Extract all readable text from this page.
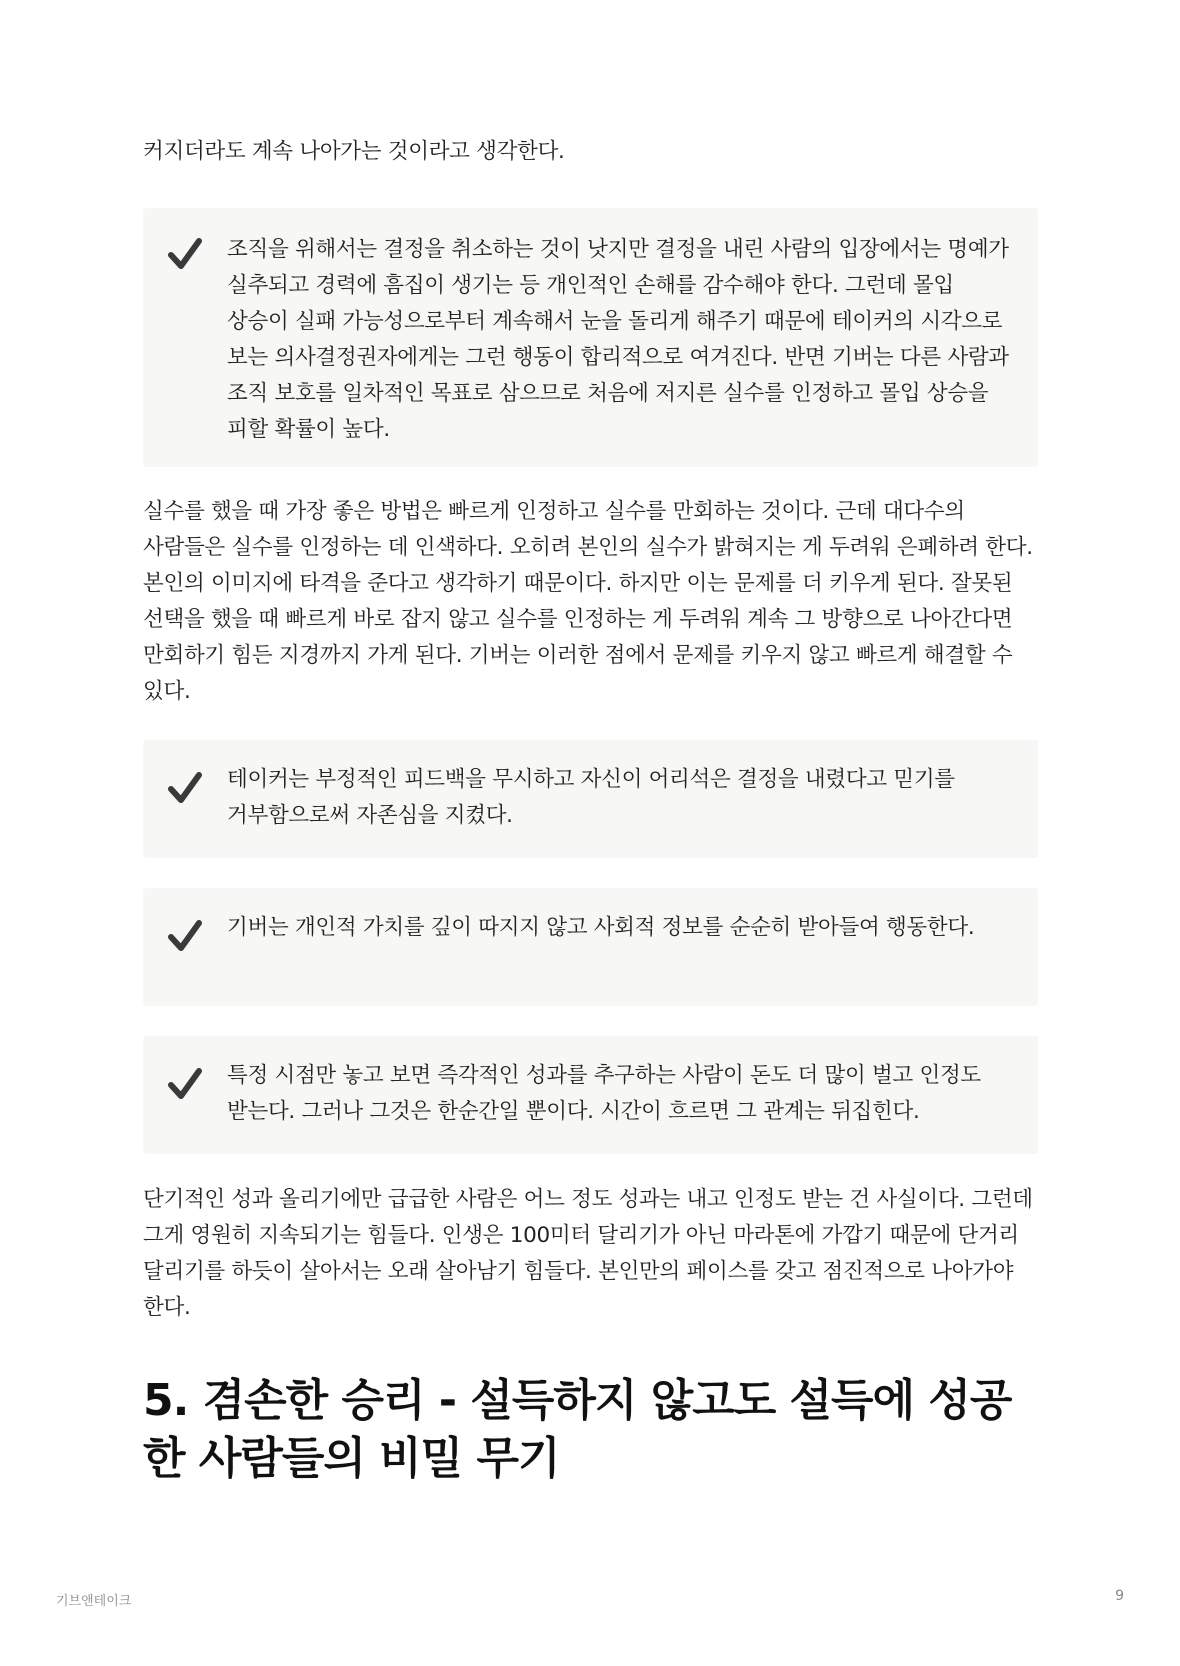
커지더라도 계속 나아가는 것이라고 생각한다.

조직을 위해서는 결정을 취소하는 것이 낫지만 결정을 내린 사람의 입장에서는 명예가 실추되고 경력에 흠집이 생기는 등 개인적인 손해를 감수해야 한다. 그런데 몰입 상승이 실패 가능성으로부터 계속해서 눈을 돌리게 해주기 때문에 테이커의 시각으로 보는 의사결정권자에게는 그런 행동이 합리적으로 여겨진다. 반면 기버는 다른 사람과 조직 보호를 일차적인 목표로 삼으므로 처음에 저지른 실수를 인정하고 몰입 상승을 피할 확률이 높다.

실수를 했을 때 가장 좋은 방법은 빠르게 인정하고 실수를 만회하는 것이다. 근데 대다수의 사람들은 실수를 인정하는 데 인색하다. 오히려 본인의 실수가 밝혀지는 게 두려워 은폐하려 한다. 본인의 이미지에 타격을 준다고 생각하기 때문이다. 하지만 이는 문제를 더 키우게 된다. 잘못된 선택을 했을 때 빠르게 바로 잡지 않고 실수를 인정하는 게 두려워 계속 그 방향으로 나아간다면 만회하기 힘든 지경까지 가게 된다. 기버는 이러한 점에서 문제를 키우지 않고 빠르게 해결할 수 있다.

테이커는 부정적인 피드백을 무시하고 자신이 어리석은 결정을 내렸다고 믿기를 거부함으로써 자존심을 지켰다.

기버는 개인적 가치를 깊이 따지지 않고 사회적 정보를 순순히 받아들여 행동한다.

특정 시점만 놓고 보면 즉각적인 성과를 추구하는 사람이 돈도 더 많이 벌고 인정도 받는다. 그러나 그것은 한순간일 뿐이다. 시간이 흐르면 그 관계는 뒤집힌다.

단기적인 성과 올리기에만 급급한 사람은 어느 정도 성과는 내고 인정도 받는 건 사실이다. 그런데 그게 영원히 지속되기는 힘들다. 인생은 100미터 달리기가 아닌 마라톤에 가깝기 때문에 단거리 달리기를 하듯이 살아서는 오래 살아남기 힘들다. 본인만의 페이스를 갖고 점진적으로 나아가야 한다.

5. 겸손한 승리 - 설득하지 않고도 설득에 성공한 사람들의 비밀 무기
기브앤테이크	9
